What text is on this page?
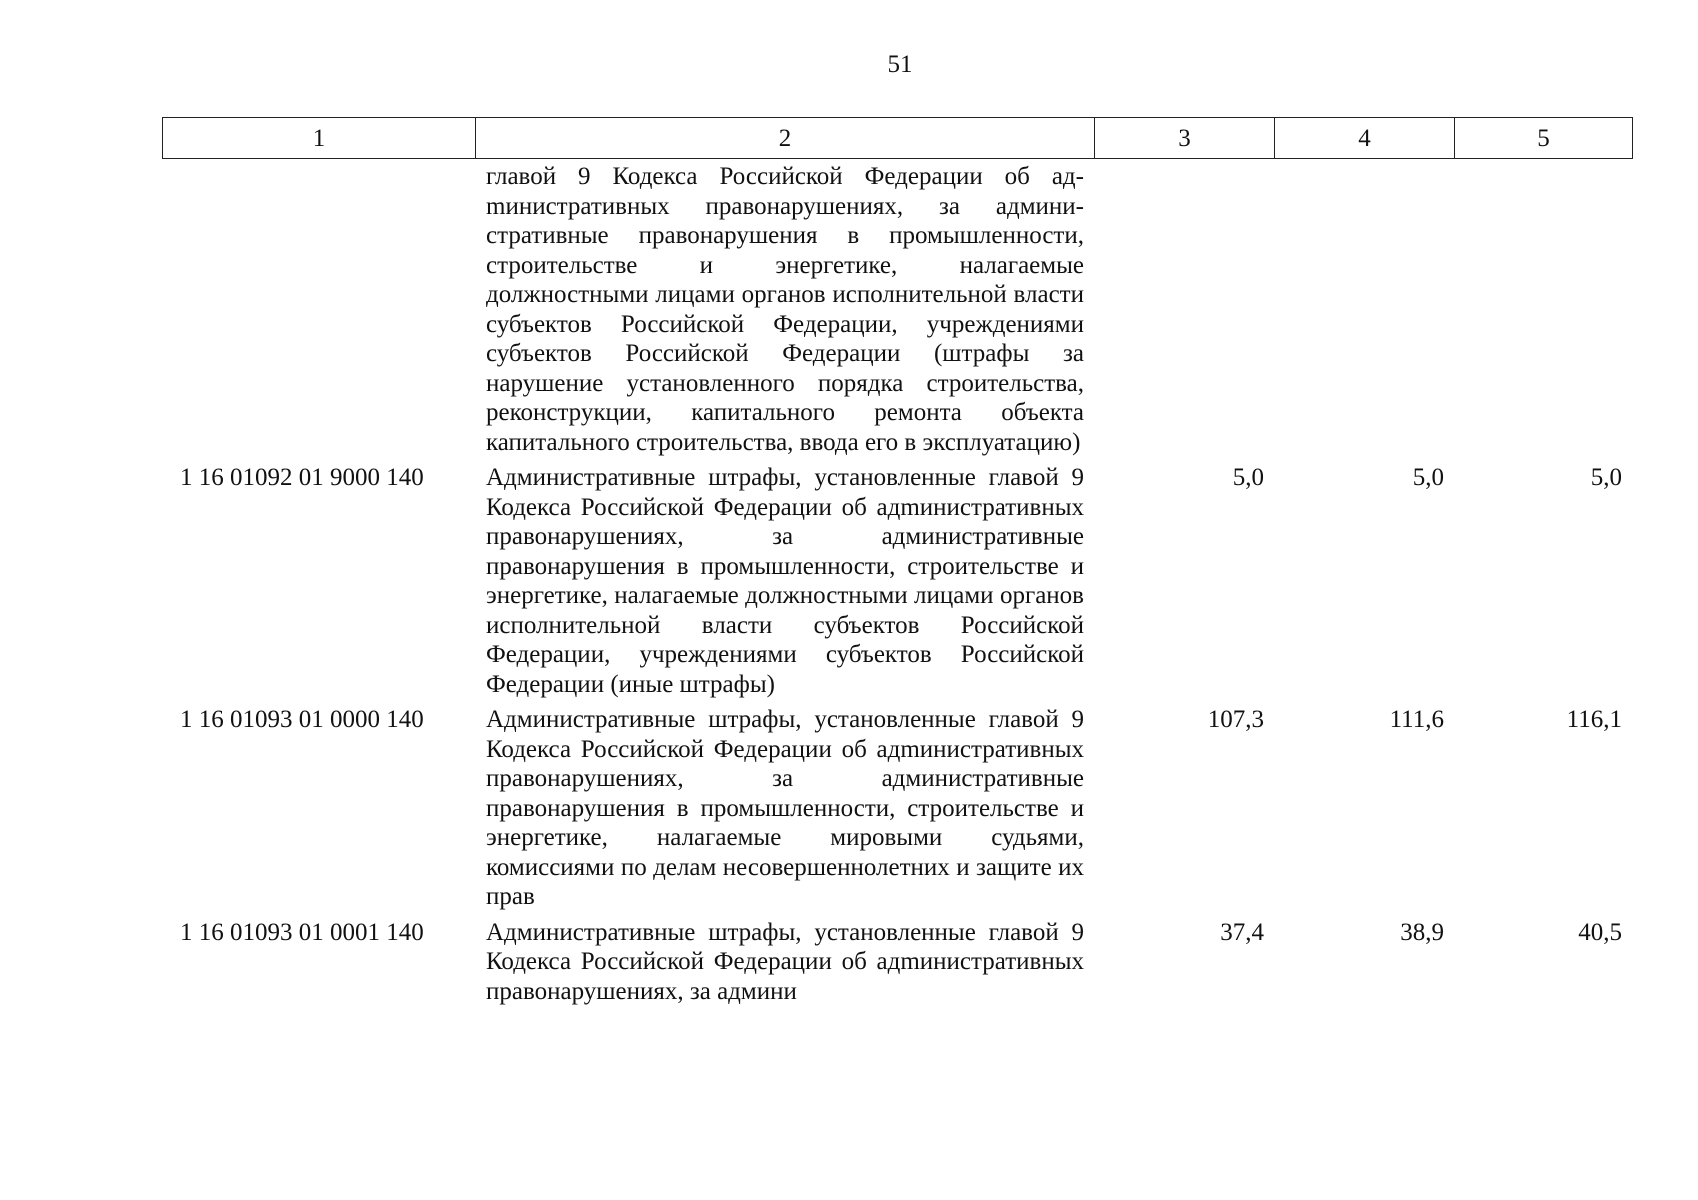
51
1	2	3	4	5
	главой 9 Кодекса Российской Федерации об адmинистративных правонарушениях, за административные правонарушения в промышленности, строительстве и энергетике, налагаемые должностными лицами органов исполнительной власти субъектов Российской Федерации, учреждениями субъектов Российской Федерации (штрафы за нарушение установленного порядка строительства, реконструкции, капитального ремонта объекта капитального строительства, ввода его в эксплуатацию)			
1 16 01092 01 9000 140	Административные штрафы, установленные главой 9 Кодекса Российской Федерации об адmинистративных правонарушениях, за административные правонарушения в промышленности, строительстве и энергетике, налагаемые должностными лицами органов исполнительной власти субъектов Российской Федерации, учреждениями субъектов Российской Федерации (иные штрафы)	5,0	5,0	5,0
1 16 01093 01 0000 140	Административные штрафы, установленные главой 9 Кодекса Российской Федерации об адmинистративных правонарушениях, за административные правонарушения в промышленности, строительстве и энергетике, налагаемые мировыми судьями, комиссиями по делам несовершеннолетних и защите их прав	107,3	111,6	116,1
1 16 01093 01 0001 140	Административные штрафы, установленные главой 9 Кодекса Российской Федерации об адmинистративных правонарушениях, за админи	37,4	38,9	40,5
